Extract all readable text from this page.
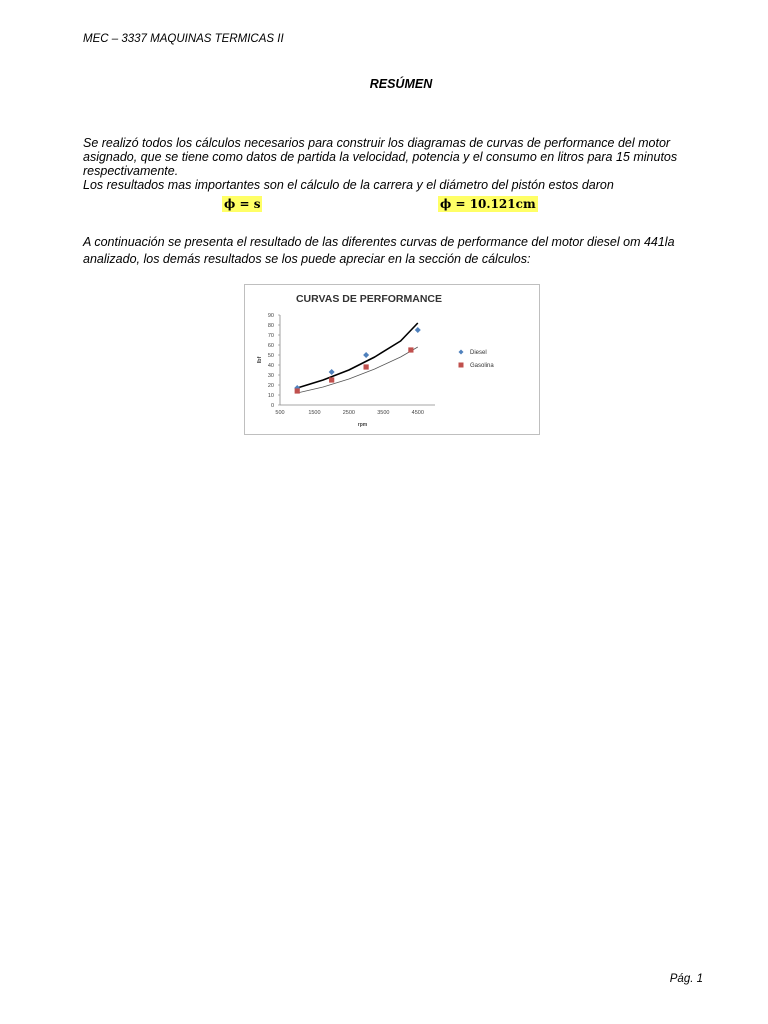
MEC – 3337 MAQUINAS TERMICAS II
RESÚMEN
Se realizó todos los cálculos necesarios para construir los diagramas de curvas de performance del motor
asignado, que se tiene como datos de partida la velocidad, potencia y el consumo en litros para 15 minutos
respectivamente.
Los resultados mas importantes son el cálculo de la carrera y el diámetro del pistón estos daron
ϕ = s	ϕ = 10.121cm
A continuación se presenta el resultado de las diferentes curvas de performance del motor diesel om 441la analizado, los demás resultados se los puede apreciar en la sección de cálculos:
CURVAS DE PERFORMANCE
0
10
20
30
40
50
60
70
80
90
500	1500	2500	3500	4500
rpm
lbf
Diesel
Gasolina
Pág. 1
